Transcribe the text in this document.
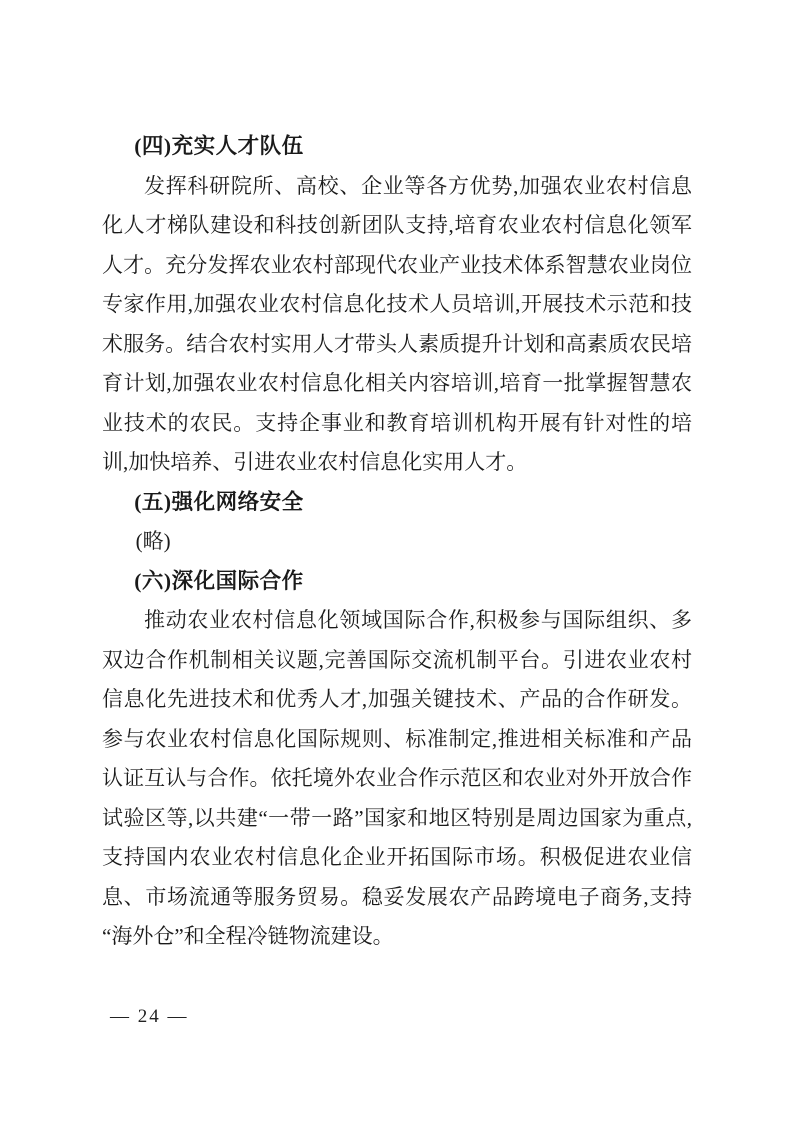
(四)充实人才队伍

发挥科研院所、高校、企业等各方优势,加强农业农村信息化人才梯队建设和科技创新团队支持,培育农业农村信息化领军人才。充分发挥农业农村部现代农业产业技术体系智慧农业岗位专家作用,加强农业农村信息化技术人员培训,开展技术示范和技术服务。结合农村实用人才带头人素质提升计划和高素质农民培育计划,加强农业农村信息化相关内容培训,培育一批掌握智慧农业技术的农民。支持企事业和教育培训机构开展有针对性的培训,加快培养、引进农业农村信息化实用人才。

(五)强化网络安全

(略)

(六)深化国际合作

推动农业农村信息化领域国际合作,积极参与国际组织、多双边合作机制相关议题,完善国际交流机制平台。引进农业农村信息化先进技术和优秀人才,加强关键技术、产品的合作研发。参与农业农村信息化国际规则、标准制定,推进相关标准和产品认证互认与合作。依托境外农业合作示范区和农业对外开放合作试验区等,以共建“一带一路”国家和地区特别是周边国家为重点,支持国内农业农村信息化企业开拓国际市场。积极促进农业信息、市场流通等服务贸易。稳妥发展农产品跨境电子商务,支持“海外仓”和全程冷链物流建设。

— 24 —
